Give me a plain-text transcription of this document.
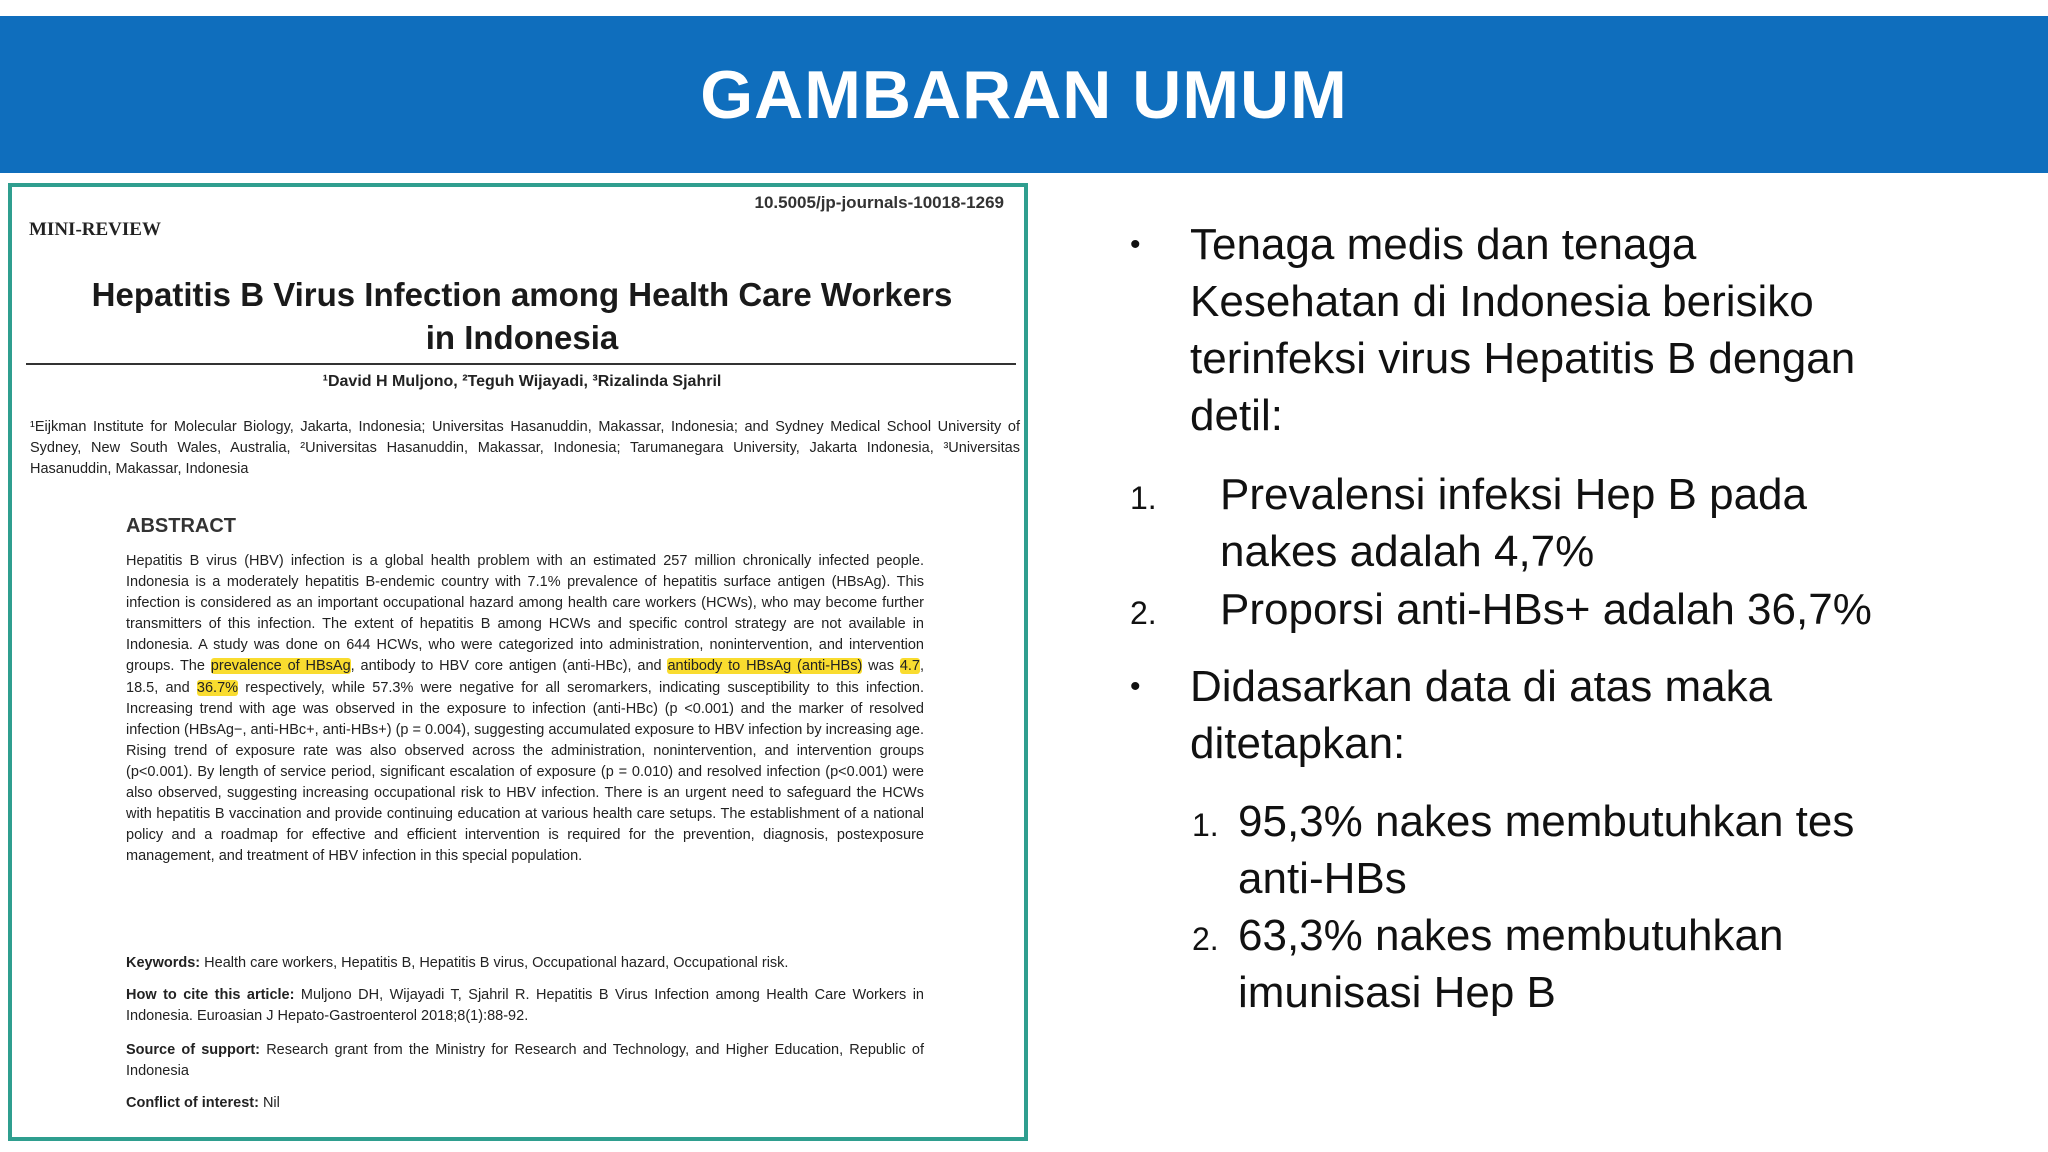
GAMBARAN UMUM
10.5005/jp-journals-10018-1269
MINI-REVIEW
Hepatitis B Virus Infection among Health Care Workers
in Indonesia
¹David H Muljono, ²Teguh Wijayadi, ³Rizalinda Sjahril
¹Eijkman Institute for Molecular Biology, Jakarta, Indonesia; Universitas Hasanuddin, Makassar, Indonesia; and Sydney Medical School University of Sydney, New South Wales, Australia, ²Universitas Hasanuddin, Makassar, Indonesia; Tarumanegara University, Jakarta Indonesia, ³Universitas Hasanuddin, Makassar, Indonesia
ABSTRACT
Hepatitis B virus (HBV) infection is a global health problem with an estimated 257 million chronically infected people. Indonesia is a moderately hepatitis B-endemic country with 7.1% prevalence of hepatitis surface antigen (HBsAg). This infection is considered as an important occupational hazard among health care workers (HCWs), who may become further transmitters of this infection. The extent of hepatitis B among HCWs and specific control strategy are not available in Indonesia. A study was done on 644 HCWs, who were categorized into administration, nonintervention, and intervention groups. The prevalence of HBsAg, antibody to HBV core antigen (anti-HBc), and antibody to HBsAg (anti-HBs) was 4.7, 18.5, and 36.7% respectively, while 57.3% were negative for all seromarkers, indicating susceptibility to this infection. Increasing trend with age was observed in the exposure to infection (anti-HBc) (p <0.001) and the marker of resolved infection (HBsAg−, anti-HBc+, anti-HBs+) (p = 0.004), suggesting accumulated exposure to HBV infection by increasing age. Rising trend of exposure rate was also observed across the administration, nonintervention, and intervention groups (p<0.001). By length of service period, significant escalation of exposure (p = 0.010) and resolved infection (p<0.001) were also observed, suggesting increasing occupational risk to HBV infection. There is an urgent need to safeguard the HCWs with hepatitis B vaccination and provide continuing education at various health care setups. The establishment of a national policy and a roadmap for effective and efficient intervention is required for the prevention, diagnosis, postexposure management, and treatment of HBV infection in this special population.
Keywords: Health care workers, Hepatitis B, Hepatitis B virus, Occupational hazard, Occupational risk.
How to cite this article: Muljono DH, Wijayadi T, Sjahril R. Hepatitis B Virus Infection among Health Care Workers in Indonesia. Euroasian J Hepato-Gastroenterol 2018;8(1):88-92.
Source of support: Research grant from the Ministry for Research and Technology, and Higher Education, Republic of Indonesia
Conflict of interest: Nil
• Tenaga medis dan tenaga
Kesehatan di Indonesia berisiko
terinfeksi virus Hepatitis B dengan
detil:
1. Prevalensi infeksi Hep B pada
nakes adalah 4,7%
2. Proporsi anti-HBs+ adalah 36,7%
• Didasarkan data di atas maka
ditetapkan:
1. 95,3% nakes membutuhkan tes
anti-HBs
2. 63,3% nakes membutuhkan
imunisasi Hep B
